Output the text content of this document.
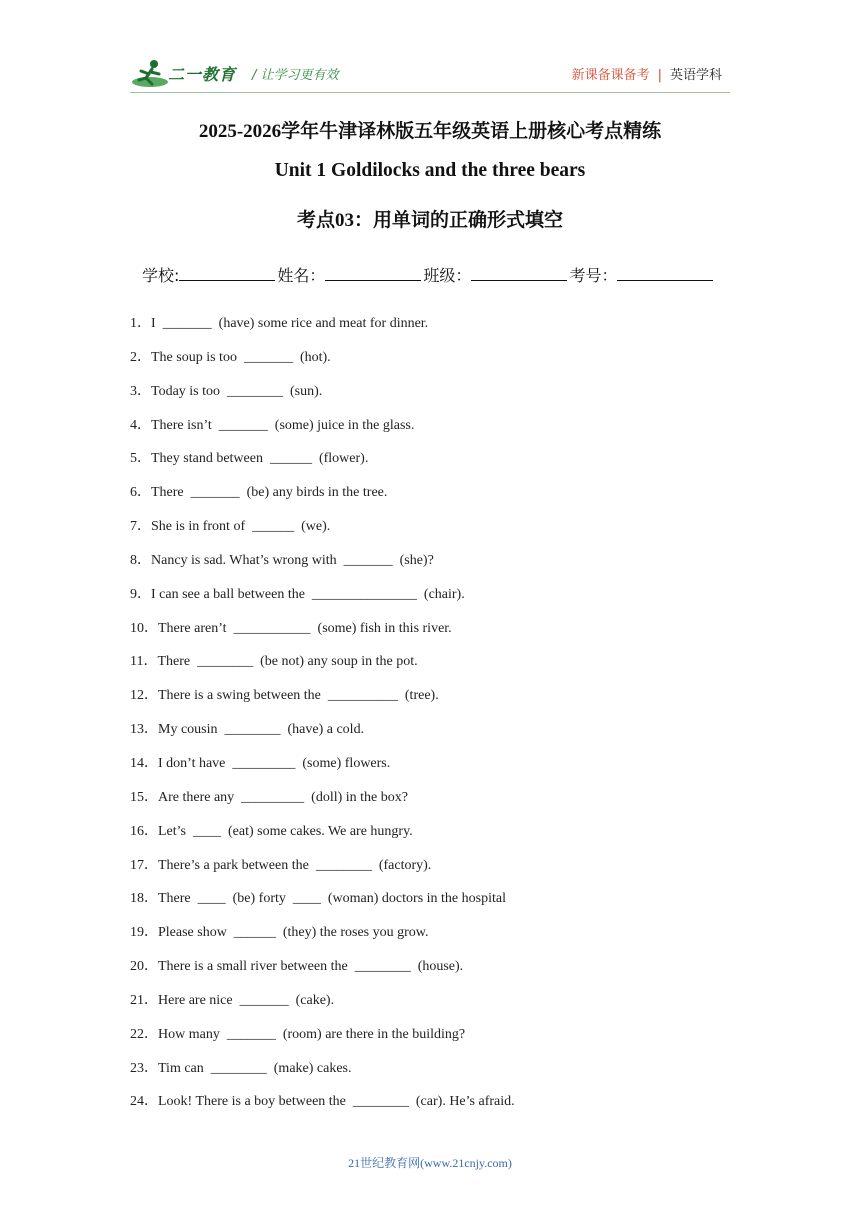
二一教育 / 让学习更有效	新课备课备考 | 英语学科
2025-2026学年牛津译林版五年级英语上册核心考点精练
Unit 1 Goldilocks and the three bears
考点03：用单词的正确形式填空
学校:	姓名：	班级：	考号：
1．I  _______  (have) some rice and meat for dinner.
2．The soup is too  _______  (hot).
3．Today is too  ________  (sun).
4．There isn’t  _______  (some) juice in the glass.
5．They stand between  ______  (flower).
6．There  _______  (be) any birds in the tree.
7．She is in front of  ______  (we).
8．Nancy is sad. What’s wrong with  _______  (she)?
9．I can see a ball between the  _______________  (chair).
10．There aren’t  ___________  (some) fish in this river.
11．There  ________  (be not) any soup in the pot.
12．There is a swing between the  __________  (tree).
13．My cousin  ________  (have) a cold.
14．I don’t have  _________  (some) flowers.
15．Are there any  _________  (doll) in the box?
16．Let’s  ____  (eat) some cakes. We are hungry.
17．There’s a park between the  ________  (factory).
18．There  ____  (be) forty  ____  (woman) doctors in the hospital
19．Please show  ______  (they) the roses you grow.
20．There is a small river between the  ________  (house).
21．Here are nice  _______  (cake).
22．How many  _______  (room) are there in the building?
23．Tim can  ________  (make) cakes.
24．Look! There is a boy between the  ________  (car). He’s afraid.
21世纪教育网(www.21cnjy.com)
